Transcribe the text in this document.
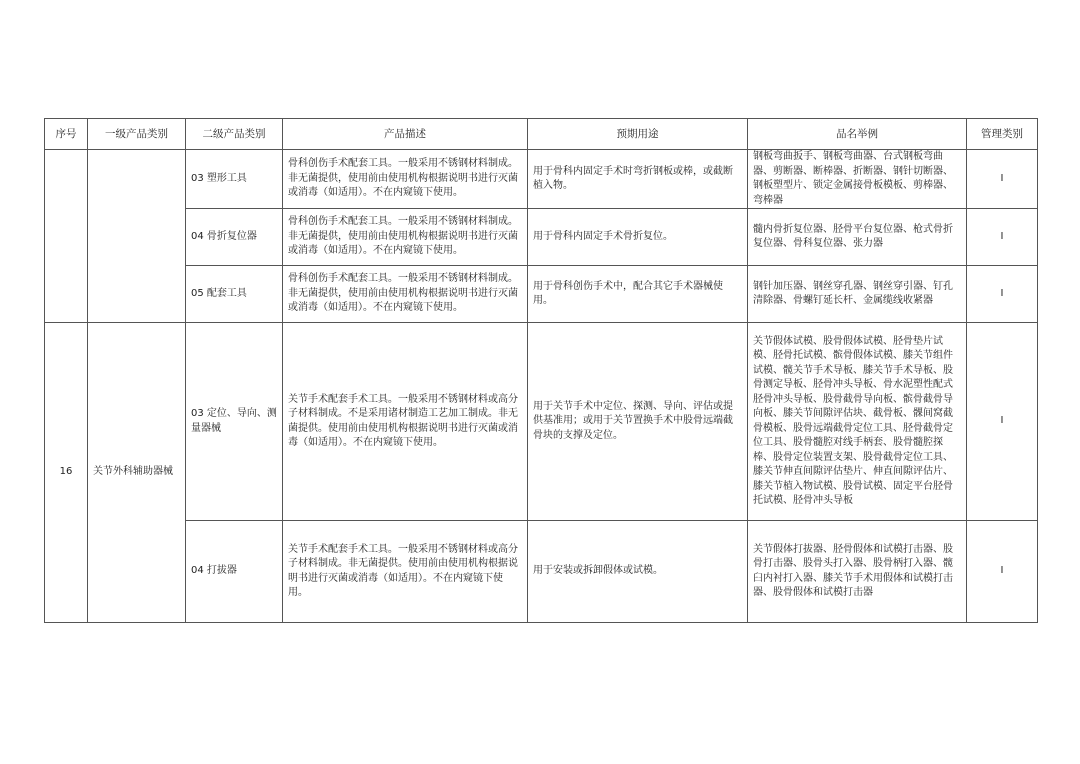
序号	一级产品类别	二级产品类别	产品描述	预期用途	品名举例	管理类别
		03 塑形工具	骨科创伤手术配套工具。一般采用不锈钢材料制成。非无菌提供，使用前由使用机构根据说明书进行灭菌或消毒（如适用）。不在内窥镜下使用。	用于骨科内固定手术时弯折钢板或棒，或截断植入物。	钢板弯曲扳手、钢板弯曲器、台式钢板弯曲器、剪断器、断棒器、折断器、钢针切断器、钢板塑型片、锁定金属接骨板模板、剪棒器、弯棒器	I
		04 骨折复位器	骨科创伤手术配套工具。一般采用不锈钢材料制成。非无菌提供，使用前由使用机构根据说明书进行灭菌或消毒（如适用）。不在内窥镜下使用。	用于骨科内固定手术骨折复位。	髓内骨折复位器、胫骨平台复位器、枪式骨折复位器、骨科复位器、张力器	I
		05 配套工具	骨科创伤手术配套工具。一般采用不锈钢材料制成。非无菌提供，使用前由使用机构根据说明书进行灭菌或消毒（如适用）。不在内窥镜下使用。	用于骨科创伤手术中，配合其它手术器械使用。	钢针加压器、钢丝穿孔器、钢丝穿引器、钉孔清除器、骨螺钉延长杆、金属缆线收紧器	I
16	关节外科辅助器械	03 定位、导向、测量器械	关节手术配套手术工具。一般采用不锈钢材料或高分子材料制成。不是采用诸材制造工艺加工制成。非无菌提供。使用前由使用机构根据说明书进行灭菌或消毒（如适用）。不在内窥镜下使用。	用于关节手术中定位、探测、导向、评估或提供基准用；或用于关节置换手术中股骨远端截骨块的支撑及定位。	关节假体试模、股骨假体试模、胫骨垫片试模、胫骨托试模、髌骨假体试模、膝关节组件试模、髋关节手术导板、膝关节手术导板、股骨测定导板、胫骨冲头导板、骨水泥塑性配式胫骨冲头导板、股骨截骨导向板、髌骨截骨导向板、膝关节间隙评估块、截骨板、髁间窝截骨模板、股骨远端截骨定位工具、胫骨截骨定位工具、股骨髓腔对线手柄套、股骨髓腔探棒、股骨定位装置支架、股骨截骨定位工具、膝关节伸直间隙评估垫片、伸直间隙评估片、膝关节植入物试模、股骨试模、固定平台胫骨托试模、胫骨冲头导板	I
		04 打拔器	关节手术配套手术工具。一般采用不锈钢材料或高分子材料制成。非无菌提供。使用前由使用机构根据说明书进行灭菌或消毒（如适用）。不在内窥镜下使用。	用于安装或拆卸假体或试模。	关节假体打拔器、胫骨假体和试模打击器、股骨打击器、股骨头打入器、股骨柄打入器、髋臼内衬打入器、膝关节手术用假体和试模打击器、股骨假体和试模打击器	I
